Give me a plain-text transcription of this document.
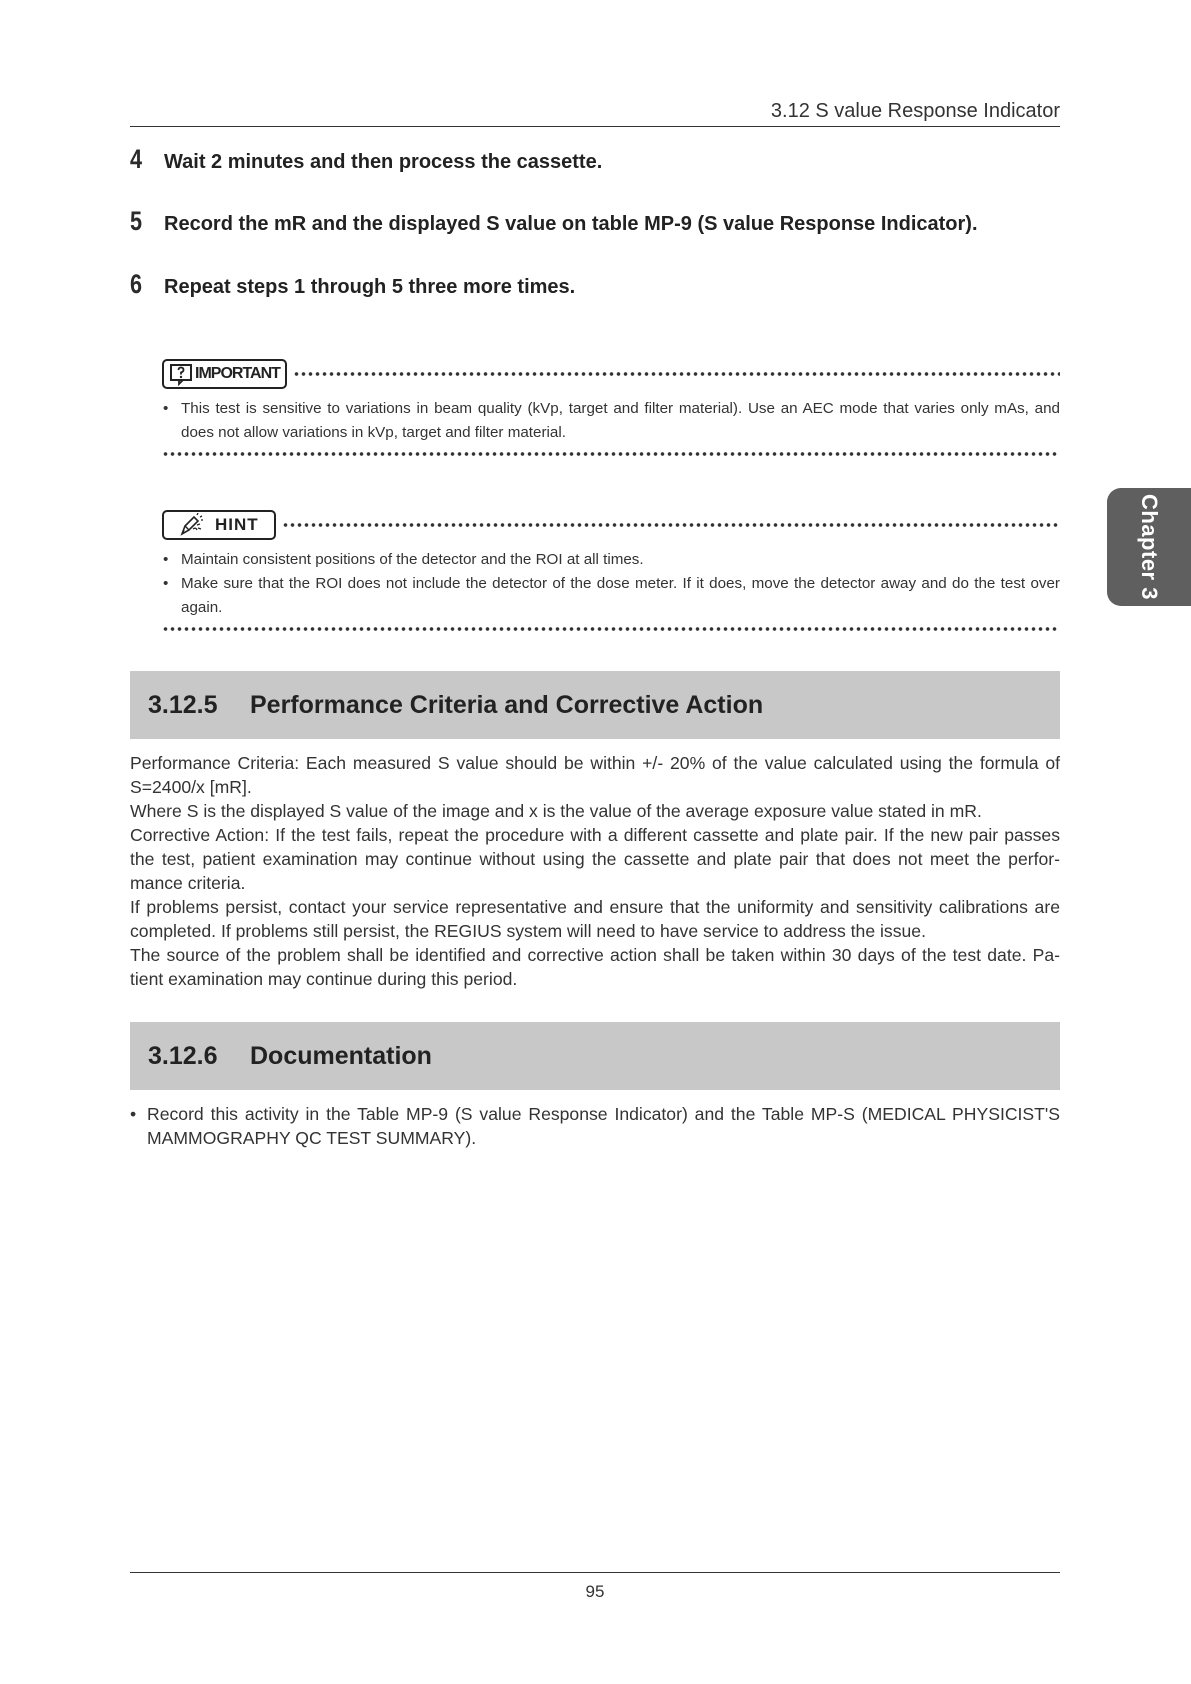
3.12 S value Response Indicator
4	Wait 2 minutes and then process the cassette.
5	Record the mR and the displayed S value on table MP-9 (S value Response Indicator).
6	Repeat steps 1 through 5 three more times.
IMPORTANT
• This test is sensitive to variations in beam quality (kVp, target and filter material). Use an AEC mode that varies only mAs, and does not allow variations in kVp, target and filter material.
HINT
• Maintain consistent positions of the detector and the ROI at all times.
• Make sure that the ROI does not include the detector of the dose meter. If it does, move the detector away and do the test over again.
3.12.5	Performance Criteria and Corrective Action

Performance Criteria: Each measured S value should be within +/- 20% of the value calculated using the formula of S=2400/x [mR].

Where S is the displayed S value of the image and x is the value of the average exposure value stated in mR.

Corrective Action: If the test fails, repeat the procedure with a different cassette and plate pair. If the new pair passes the test, patient examination may continue without using the cassette and plate pair that does not meet the perfor-mance criteria.

If problems persist, contact your service representative and ensure that the uniformity and sensitivity calibrations are completed. If problems still persist, the REGIUS system will need to have service to address the issue.

The source of the problem shall be identified and corrective action shall be taken within 30 days of the test date. Pa-tient examination may continue during this period.

3.12.6	Documentation
• Record this activity in the Table MP-9 (S value Response Indicator) and the Table MP-S (MEDICAL PHYSICIST'S MAMMOGRAPHY QC TEST SUMMARY).
Chapter 3
95
